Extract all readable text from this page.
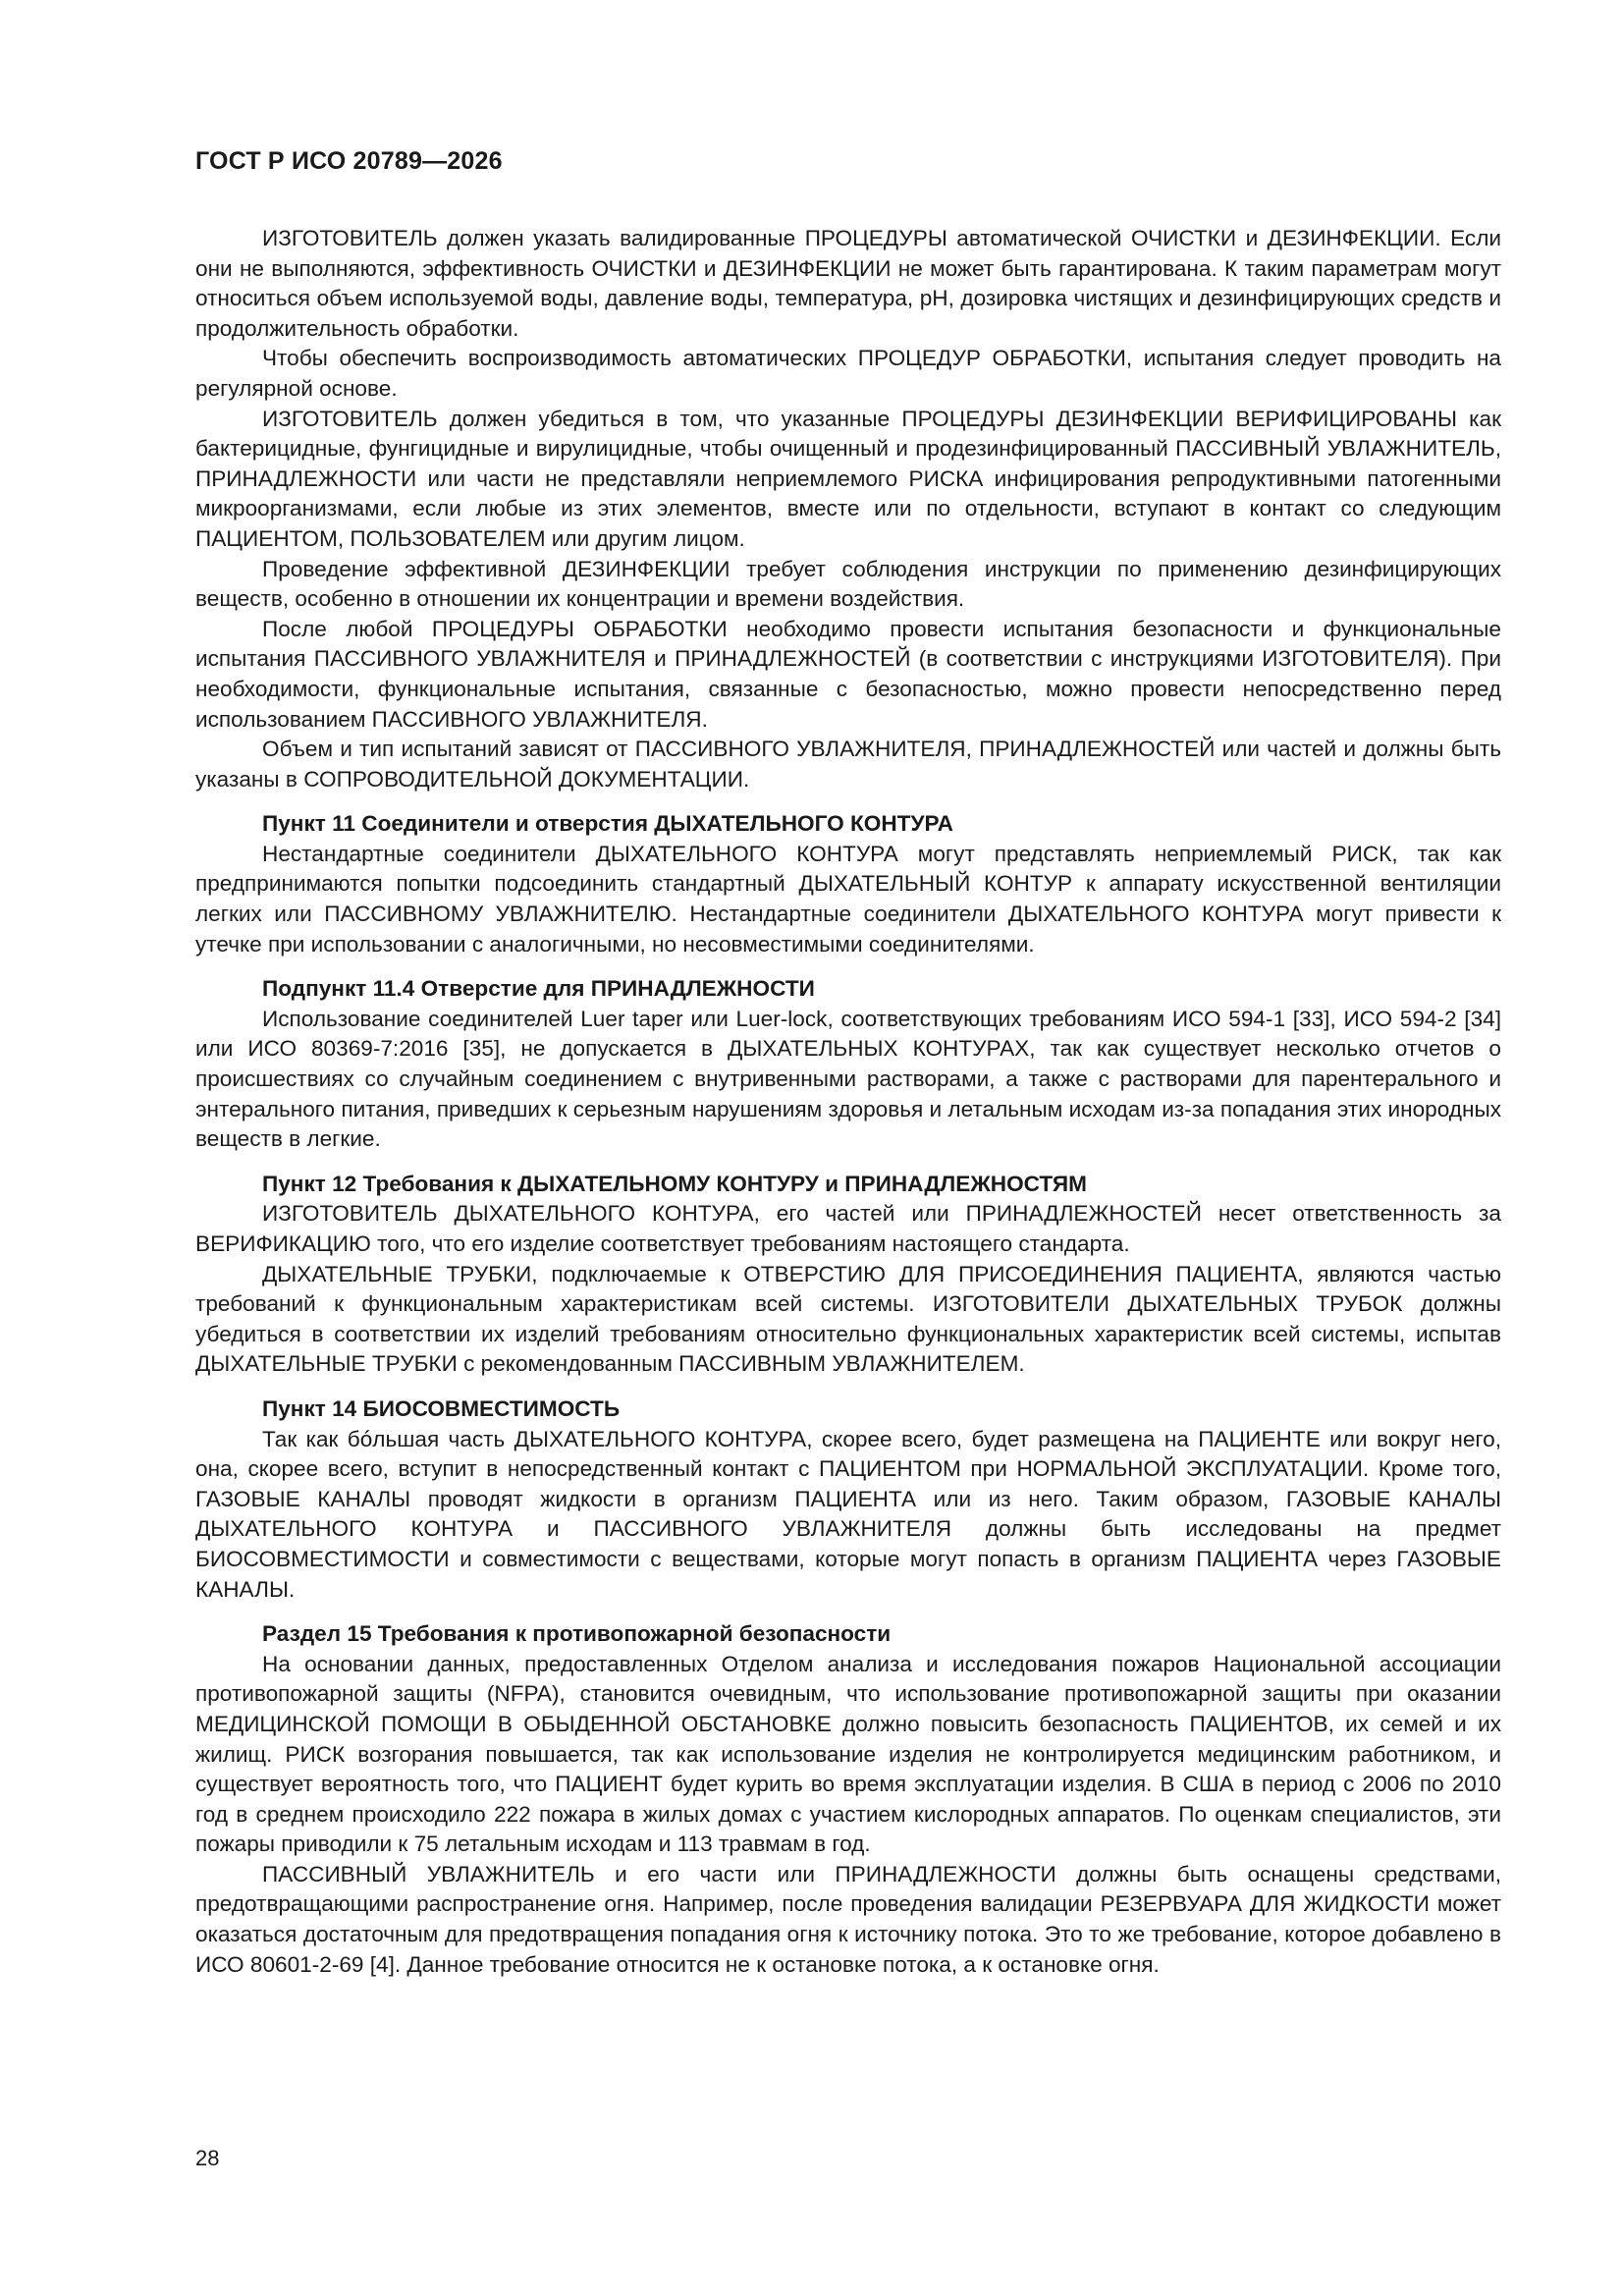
ГОСТ Р ИСО 20789—2026

ИЗГОТОВИТЕЛЬ должен указать валидированные ПРОЦЕДУРЫ автоматической ОЧИСТКИ и ДЕЗИНФЕКЦИИ. Если они не выполняются, эффективность ОЧИСТКИ и ДЕЗИНФЕКЦИИ не может быть гарантирована. К таким параметрам могут относиться объем используемой воды, давление воды, температура, рН, дозировка чистящих и дезинфицирующих средств и продолжительность обработки.

Чтобы обеспечить воспроизводимость автоматических ПРОЦЕДУР ОБРАБОТКИ, испытания следует проводить на регулярной основе.

ИЗГОТОВИТЕЛЬ должен убедиться в том, что указанные ПРОЦЕДУРЫ ДЕЗИНФЕКЦИИ ВЕРИФИЦИРОВАНЫ как бактерицидные, фунгицидные и вирулицидные, чтобы очищенный и продезинфицированный ПАССИВНЫЙ УВЛАЖНИТЕЛЬ, ПРИНАДЛЕЖНОСТИ или части не представляли неприемлемого РИСКА инфицирования репродуктивными патогенными микроорганизмами, если любые из этих элементов, вместе или по отдельности, вступают в контакт со следующим ПАЦИЕНТОМ, ПОЛЬЗОВАТЕЛЕМ или другим лицом.

Проведение эффективной ДЕЗИНФЕКЦИИ требует соблюдения инструкции по применению дезинфицирующих веществ, особенно в отношении их концентрации и времени воздействия.

После любой ПРОЦЕДУРЫ ОБРАБОТКИ необходимо провести испытания безопасности и функциональные испытания ПАССИВНОГО УВЛАЖНИТЕЛЯ и ПРИНАДЛЕЖНОСТЕЙ (в соответствии с инструкциями ИЗГОТОВИТЕЛЯ). При необходимости, функциональные испытания, связанные с безопасностью, можно провести непосредственно перед использованием ПАССИВНОГО УВЛАЖНИТЕЛЯ.

Объем и тип испытаний зависят от ПАССИВНОГО УВЛАЖНИТЕЛЯ, ПРИНАДЛЕЖНОСТЕЙ или частей и должны быть указаны в СОПРОВОДИТЕЛЬНОЙ ДОКУМЕНТАЦИИ.

Пункт 11 Соединители и отверстия ДЫХАТЕЛЬНОГО КОНТУРА

Нестандартные соединители ДЫХАТЕЛЬНОГО КОНТУРА могут представлять неприемлемый РИСК, так как предпринимаются попытки подсоединить стандартный ДЫХАТЕЛЬНЫЙ КОНТУР к аппарату искусственной вентиляции легких или ПАССИВНОМУ УВЛАЖНИТЕЛЮ. Нестандартные соединители ДЫХАТЕЛЬНОГО КОНТУРА могут привести к утечке при использовании с аналогичными, но несовместимыми соединителями.

Подпункт 11.4 Отверстие для ПРИНАДЛЕЖНОСТИ

Использование соединителей Luer taper или Luer-lock, соответствующих требованиям ИСО 594-1 [33], ИСО 594-2 [34] или ИСО 80369-7:2016 [35], не допускается в ДЫХАТЕЛЬНЫХ КОНТУРАХ, так как существует несколько отчетов о происшествиях со случайным соединением с внутривенными растворами, а также с растворами для парентерального и энтерального питания, приведших к серьезным нарушениям здоровья и летальным исходам из-за попадания этих инородных веществ в легкие.

Пункт 12 Требования к ДЫХАТЕЛЬНОМУ КОНТУРУ и ПРИНАДЛЕЖНОСТЯМ

ИЗГОТОВИТЕЛЬ ДЫХАТЕЛЬНОГО КОНТУРА, его частей или ПРИНАДЛЕЖНОСТЕЙ несет ответственность за ВЕРИФИКАЦИЮ того, что его изделие соответствует требованиям настоящего стандарта.

ДЫХАТЕЛЬНЫЕ ТРУБКИ, подключаемые к ОТВЕРСТИЮ ДЛЯ ПРИСОЕДИНЕНИЯ ПАЦИЕНТА, являются частью требований к функциональным характеристикам всей системы. ИЗГОТОВИТЕЛИ ДЫХАТЕЛЬНЫХ ТРУБОК должны убедиться в соответствии их изделий требованиям относительно функциональных характеристик всей системы, испытав ДЫХАТЕЛЬНЫЕ ТРУБКИ с рекомендованным ПАССИВНЫМ УВЛАЖНИТЕЛЕМ.

Пункт 14 БИОСОВМЕСТИМОСТЬ

Так как бóльшая часть ДЫХАТЕЛЬНОГО КОНТУРА, скорее всего, будет размещена на ПАЦИЕНТЕ или вокруг него, она, скорее всего, вступит в непосредственный контакт с ПАЦИЕНТОМ при НОРМАЛЬНОЙ ЭКСПЛУАТАЦИИ. Кроме того, ГАЗОВЫЕ КАНАЛЫ проводят жидкости в организм ПАЦИЕНТА или из него. Таким образом, ГАЗОВЫЕ КАНАЛЫ ДЫХАТЕЛЬНОГО КОНТУРА и ПАССИВНОГО УВЛАЖНИТЕЛЯ должны быть исследованы на предмет БИОСОВМЕСТИМОСТИ и совместимости с веществами, которые могут попасть в организм ПАЦИЕНТА через ГАЗОВЫЕ КАНАЛЫ.

Раздел 15 Требования к противопожарной безопасности

На основании данных, предоставленных Отделом анализа и исследования пожаров Национальной ассоциации противопожарной защиты (NFPA), становится очевидным, что использование противопожарной защиты при оказании МЕДИЦИНСКОЙ ПОМОЩИ В ОБЫДЕННОЙ ОБСТАНОВКЕ должно повысить безопасность ПАЦИЕНТОВ, их семей и их жилищ. РИСК возгорания повышается, так как использование изделия не контролируется медицинским работником, и существует вероятность того, что ПАЦИЕНТ будет курить во время эксплуатации изделия. В США в период с 2006 по 2010 год в среднем происходило 222 пожара в жилых домах с участием кислородных аппаратов. По оценкам специалистов, эти пожары приводили к 75 летальным исходам и 113 травмам в год.

ПАССИВНЫЙ УВЛАЖНИТЕЛЬ и его части или ПРИНАДЛЕЖНОСТИ должны быть оснащены средствами, предотвращающими распространение огня. Например, после проведения валидации РЕЗЕРВУАРА ДЛЯ ЖИДКОСТИ может оказаться достаточным для предотвращения попадания огня к источнику потока. Это то же требование, которое добавлено в ИСО 80601-2-69 [4]. Данное требование относится не к остановке потока, а к остановке огня.

28
